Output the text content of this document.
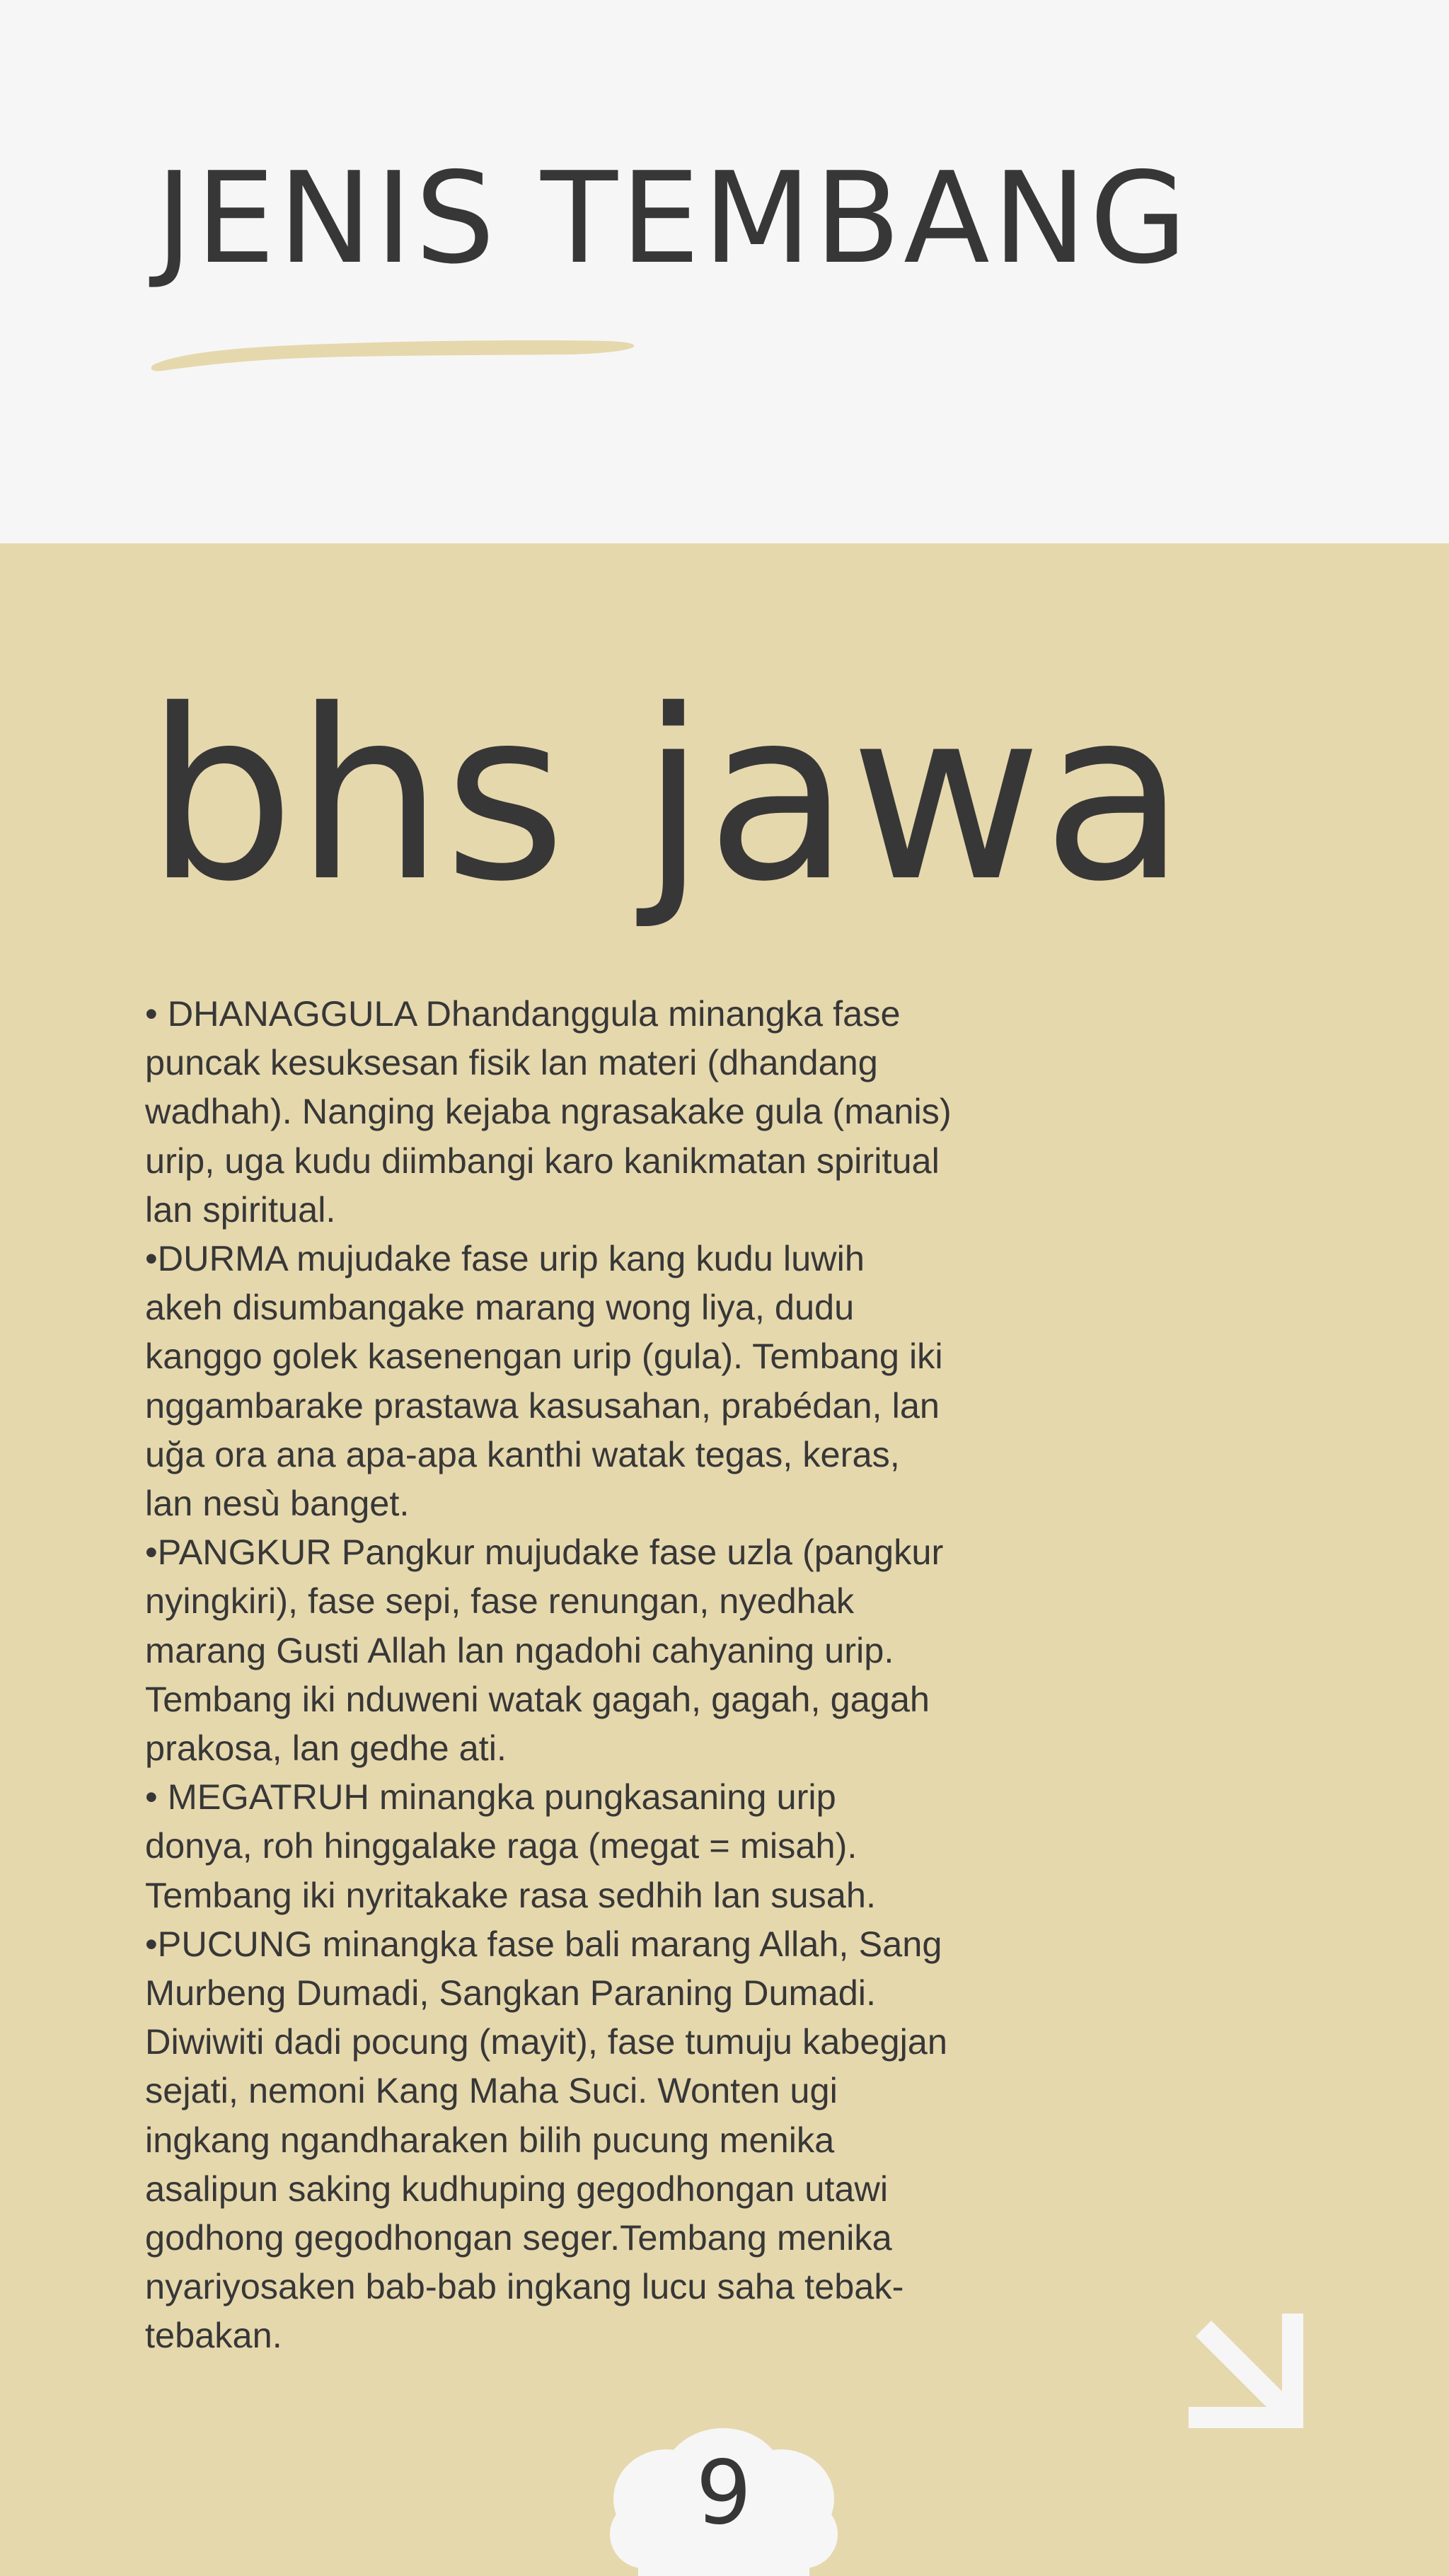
JENIS TEMBANG
bhs jawa

• DHANAGGULA Dhandanggula minangka fase puncak kesuksesan fisik lan materi (dhandang wadhah). Nanging kejaba ngrasakake gula (manis) urip, uga kudu diimbangi karo kanikmatan spiritual lan spiritual.

•DURMA mujudake fase urip kang kudu luwih akeh disumbangake marang wong liya, dudu kanggo golek kasenengan urip (gula). Tembang iki nggambarake prastawa kasusahan, prabédan, lan uğa ora ana apa-apa kanthi watak tegas, keras, lan nesù banget.

•PANGKUR Pangkur mujudake fase uzla (pangkur nyingkiri), fase sepi, fase renungan, nyedhak marang Gusti Allah lan ngadohi cahyaning urip. Tembang iki nduweni watak gagah, gagah, gagah prakosa, lan gedhe ati.

• MEGATRUH minangka pungkasaning urip donya, roh hinggalake raga (megat = misah). Tembang iki nyritakake rasa sedhih lan susah.

•PUCUNG minangka fase bali marang Allah, Sang Murbeng Dumadi, Sangkan Paraning Dumadi. Diwiwiti dadi pocung (mayit), fase tumuju kabegjan sejati, nemoni Kang Maha Suci. Wonten ugi ingkang ngandharaken bilih pucung menika asalipun saking kudhuping gegodhongan utawi godhong gegodhongan seger.Tembang menika nyariyosaken bab-bab ingkang lucu saha tebak-tebakan.

9
